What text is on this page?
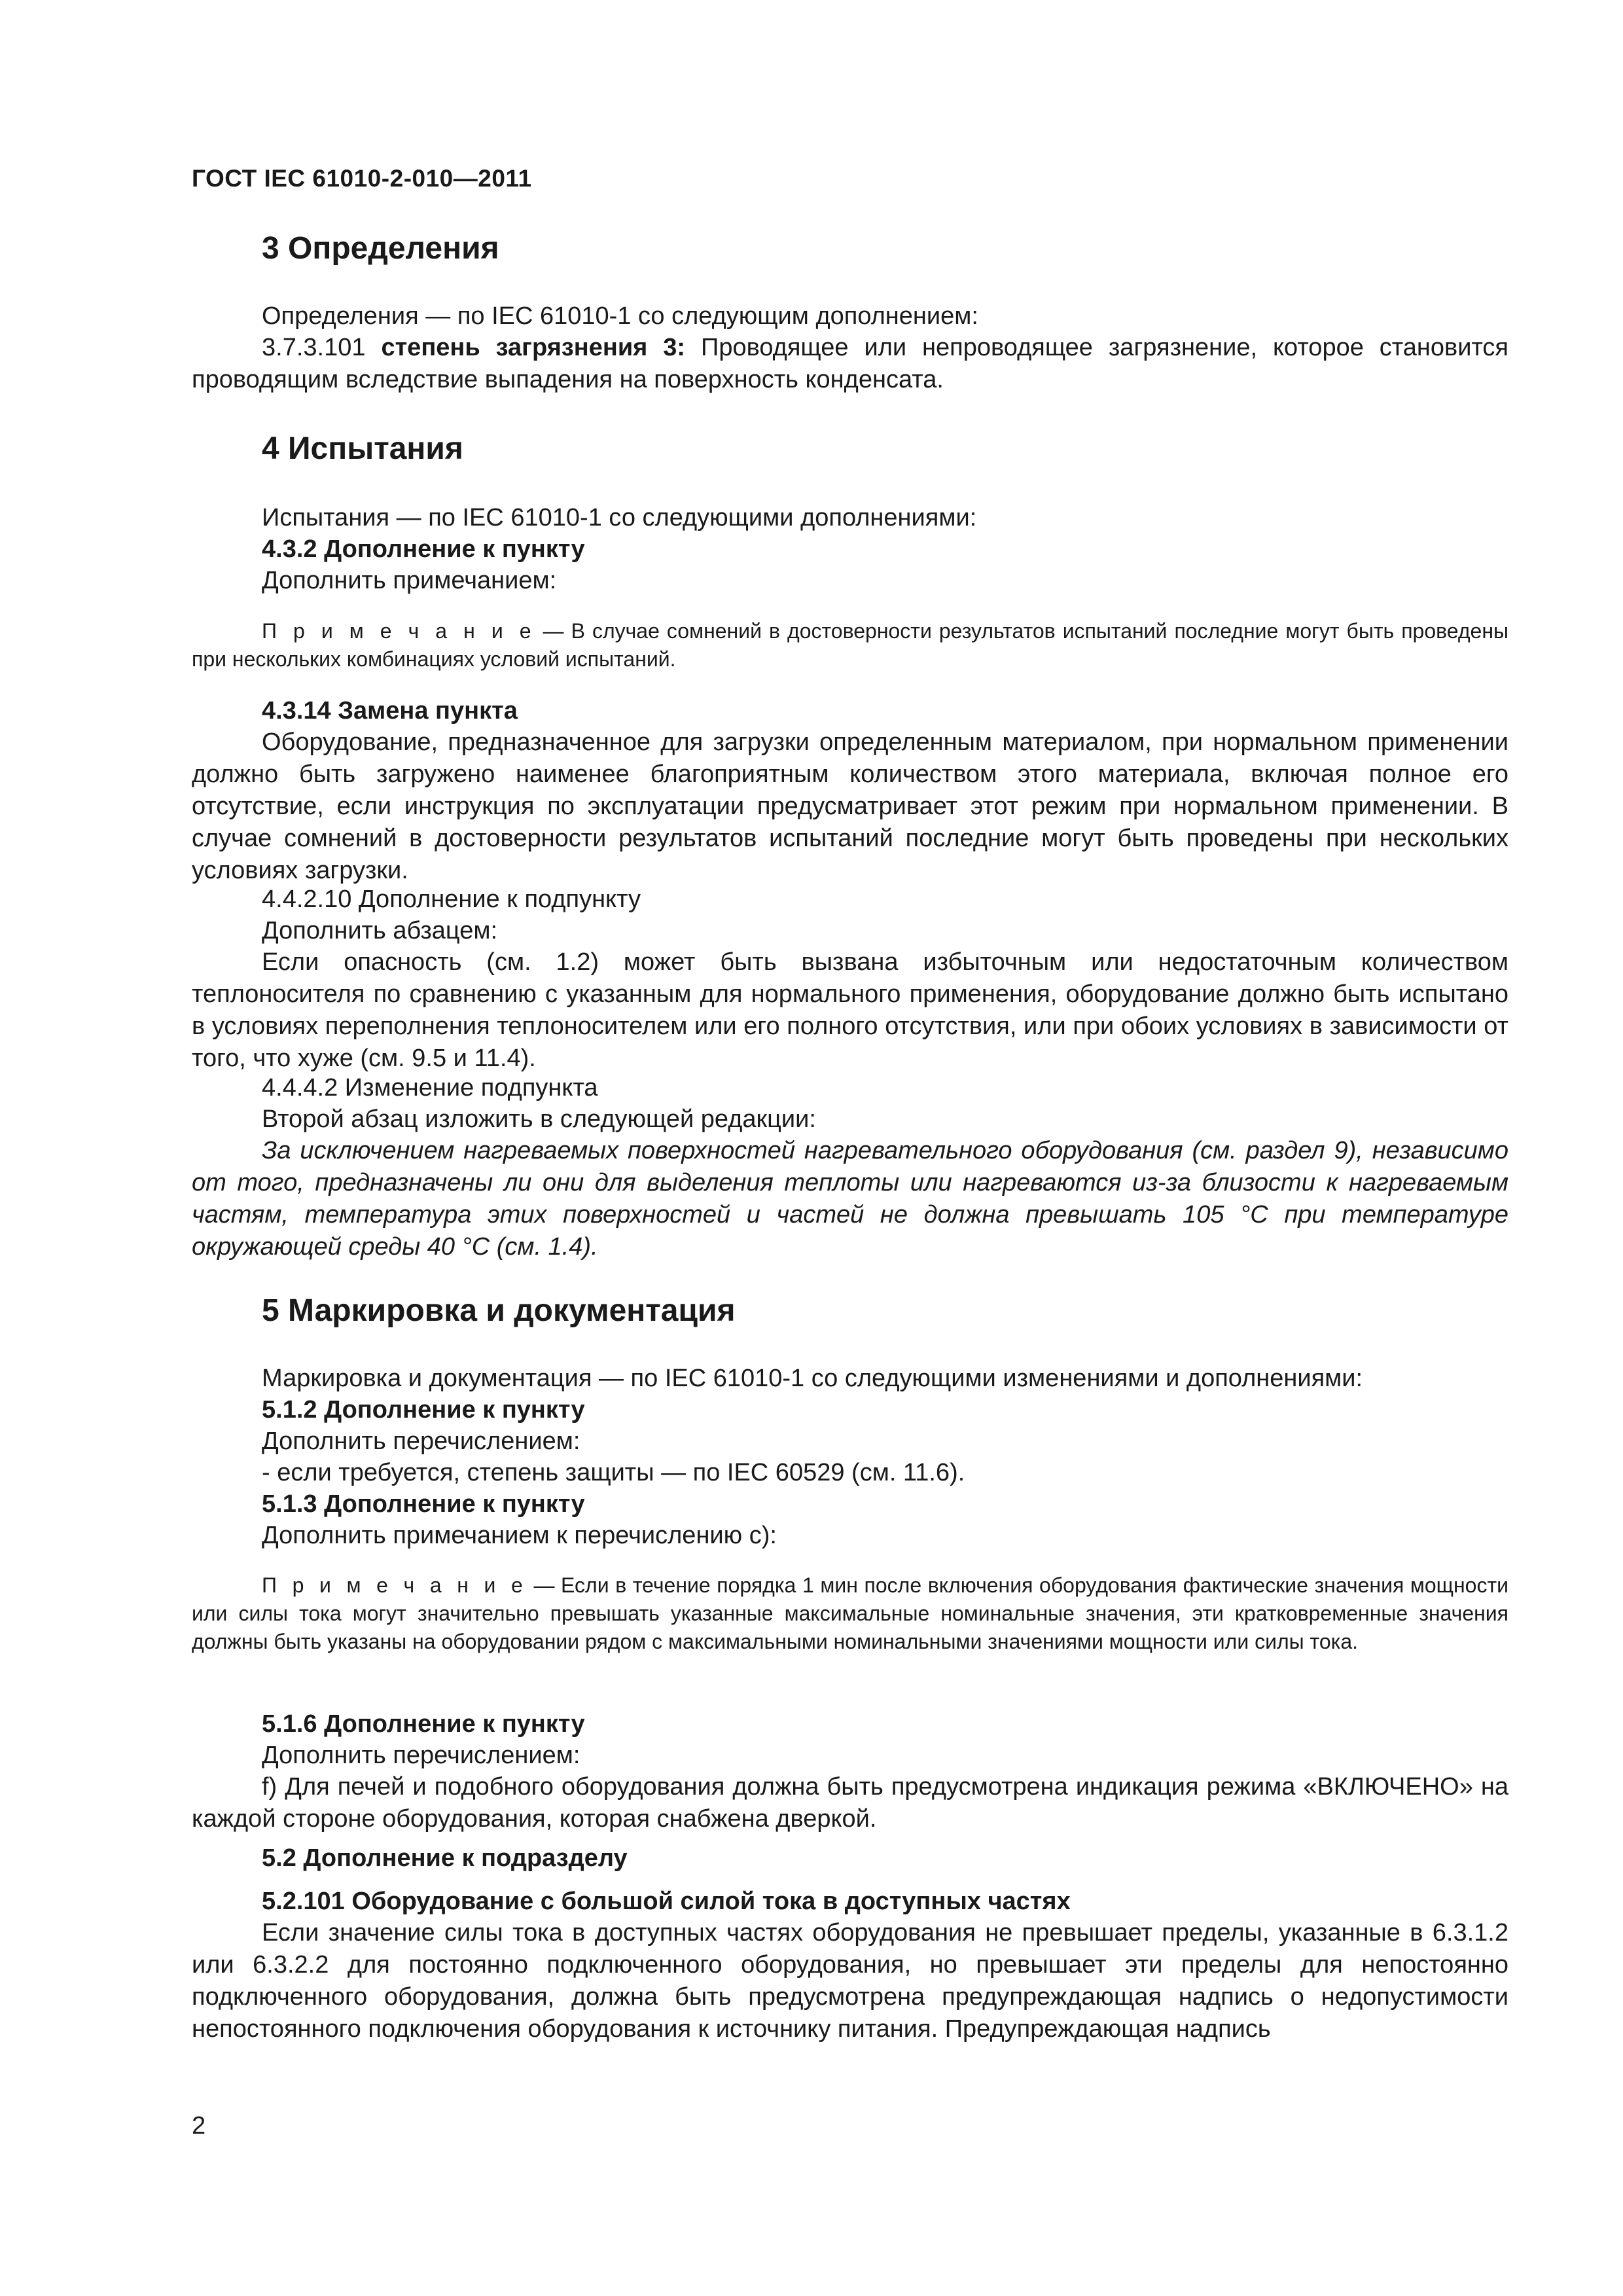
ГОСТ IEC 61010-2-010—2011
3 Определения
Определения — по IEC 61010-1 со следующим дополнением:

3.7.3.101 степень загрязнения 3: Проводящее или непроводящее загрязнение, которое становится проводящим вследствие выпадения на поверхность конденсата.

4 Испытания
Испытания — по IEC 61010-1 со следующими дополнениями:
4.3.2 Дополнение к пункту
Дополнить примечанием:

П р и м е ч а н и е — В случае сомнений в достоверности результатов испытаний последние могут быть проведены при нескольких комбинациях условий испытаний.

4.3.14 Замена пункта

Оборудование, предназначенное для загрузки определенным материалом, при нормальном применении должно быть загружено наименее благоприятным количеством этого материала, включая полное его отсутствие, если инструкция по эксплуатации предусматривает этот режим при нормальном применении. В случае сомнений в достоверности результатов испытаний последние могут быть проведены при нескольких условиях загрузки.

4.4.2.10 Дополнение к подпункту
Дополнить абзацем:

Если опасность (см. 1.2) может быть вызвана избыточным или недостаточным количеством теплоносителя по сравнению с указанным для нормального применения, оборудование должно быть испытано в условиях переполнения теплоносителем или его полного отсутствия, или при обоих условиях в зависимости от того, что хуже (см. 9.5 и 11.4).

4.4.4.2 Изменение подпункта
Второй абзац изложить в следующей редакции:

За исключением нагреваемых поверхностей нагревательного оборудования (см. раздел 9), независимо от того, предназначены ли они для выделения теплоты или нагреваются из-за близости к нагреваемым частям, температура этих поверхностей и частей не должна превышать 105 °С при температуре окружающей среды 40 °С (см. 1.4).

5 Маркировка и документация
Маркировка и документация — по IEC 61010-1 со следующими изменениями и дополнениями:
5.1.2 Дополнение к пункту
Дополнить перечислением:
- если требуется, степень защиты — по IEC 60529 (см. 11.6).
5.1.3 Дополнение к пункту
Дополнить примечанием к перечислению с):

П р и м е ч а н и е — Если в течение порядка 1 мин после включения оборудования фактические значения мощности или силы тока могут значительно превышать указанные максимальные номинальные значения, эти кратковременные значения должны быть указаны на оборудовании рядом с максимальными номинальными значениями мощности или силы тока.

5.1.6 Дополнение к пункту
Дополнить перечислением:

f) Для печей и подобного оборудования должна быть предусмотрена индикация режима «ВКЛЮЧЕНО» на каждой стороне оборудования, которая снабжена дверкой.

5.2 Дополнение к подразделу
5.2.101 Оборудование с большой силой тока в доступных частях

Если значение силы тока в доступных частях оборудования не превышает пределы, указанные в 6.3.1.2 или 6.3.2.2 для постоянно подключенного оборудования, но превышает эти пределы для непостоянно подключенного оборудования, должна быть предусмотрена предупреждающая надпись о недопустимости непостоянного подключения оборудования к источнику питания. Предупреждающая надпись

2
